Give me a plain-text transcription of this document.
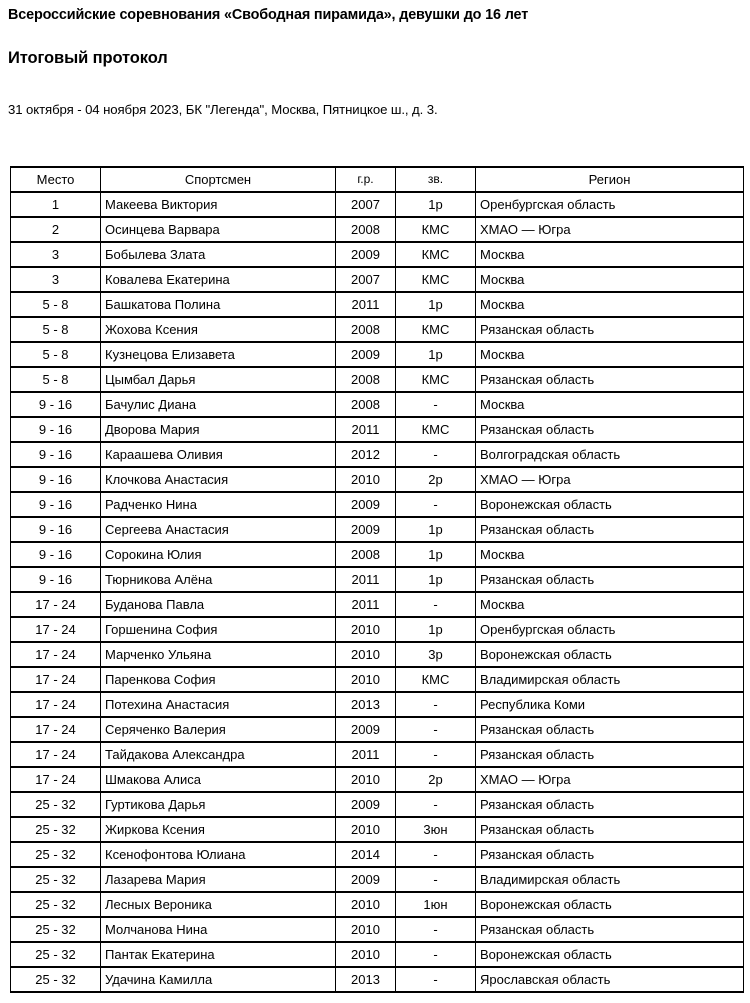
Всероссийские соревнования «Свободная пирамида», девушки до 16 лет
Итоговый протокол
31 октября - 04 ноября 2023, БК "Легенда", Москва, Пятницкое ш., д. 3.
Место	Спортсмен	г.р.	зв.	Регион
1	Макеева Виктория	2007	1р	Оренбургская область
2	Осинцева Варвара	2008	КМС	ХМАО — Югра
3	Бобылева Злата	2009	КМС	Москва
3	Ковалева Екатерина	2007	КМС	Москва
5 - 8	Башкатова Полина	2011	1р	Москва
5 - 8	Жохова Ксения	2008	КМС	Рязанская область
5 - 8	Кузнецова Елизавета	2009	1р	Москва
5 - 8	Цымбал Дарья	2008	КМС	Рязанская область
9 - 16	Бачулис Диана	2008	-	Москва
9 - 16	Дворова Мария	2011	КМС	Рязанская область
9 - 16	Караашева Оливия	2012	-	Волгоградская область
9 - 16	Клочкова Анастасия	2010	2р	ХМАО — Югра
9 - 16	Радченко Нина	2009	-	Воронежская область
9 - 16	Сергеева Анастасия	2009	1р	Рязанская область
9 - 16	Сорокина Юлия	2008	1р	Москва
9 - 16	Тюрникова Алёна	2011	1р	Рязанская область
17 - 24	Буданова Павла	2011	-	Москва
17 - 24	Горшенина София	2010	1р	Оренбургская область
17 - 24	Марченко Ульяна	2010	3р	Воронежская область
17 - 24	Паренкова София	2010	КМС	Владимирская область
17 - 24	Потехина Анастасия	2013	-	Республика Коми
17 - 24	Серяченко Валерия	2009	-	Рязанская область
17 - 24	Тайдакова Александра	2011	-	Рязанская область
17 - 24	Шмакова Алиса	2010	2р	ХМАО — Югра
25 - 32	Гуртикова Дарья	2009	-	Рязанская область
25 - 32	Жиркова Ксения	2010	3юн	Рязанская область
25 - 32	Ксенофонтова Юлиана	2014	-	Рязанская область
25 - 32	Лазарева Мария	2009	-	Владимирская область
25 - 32	Лесных Вероника	2010	1юн	Воронежская область
25 - 32	Молчанова Нина	2010	-	Рязанская область
25 - 32	Пантак Екатерина	2010	-	Воронежская область
25 - 32	Удачина Камилла	2013	-	Ярославская область
